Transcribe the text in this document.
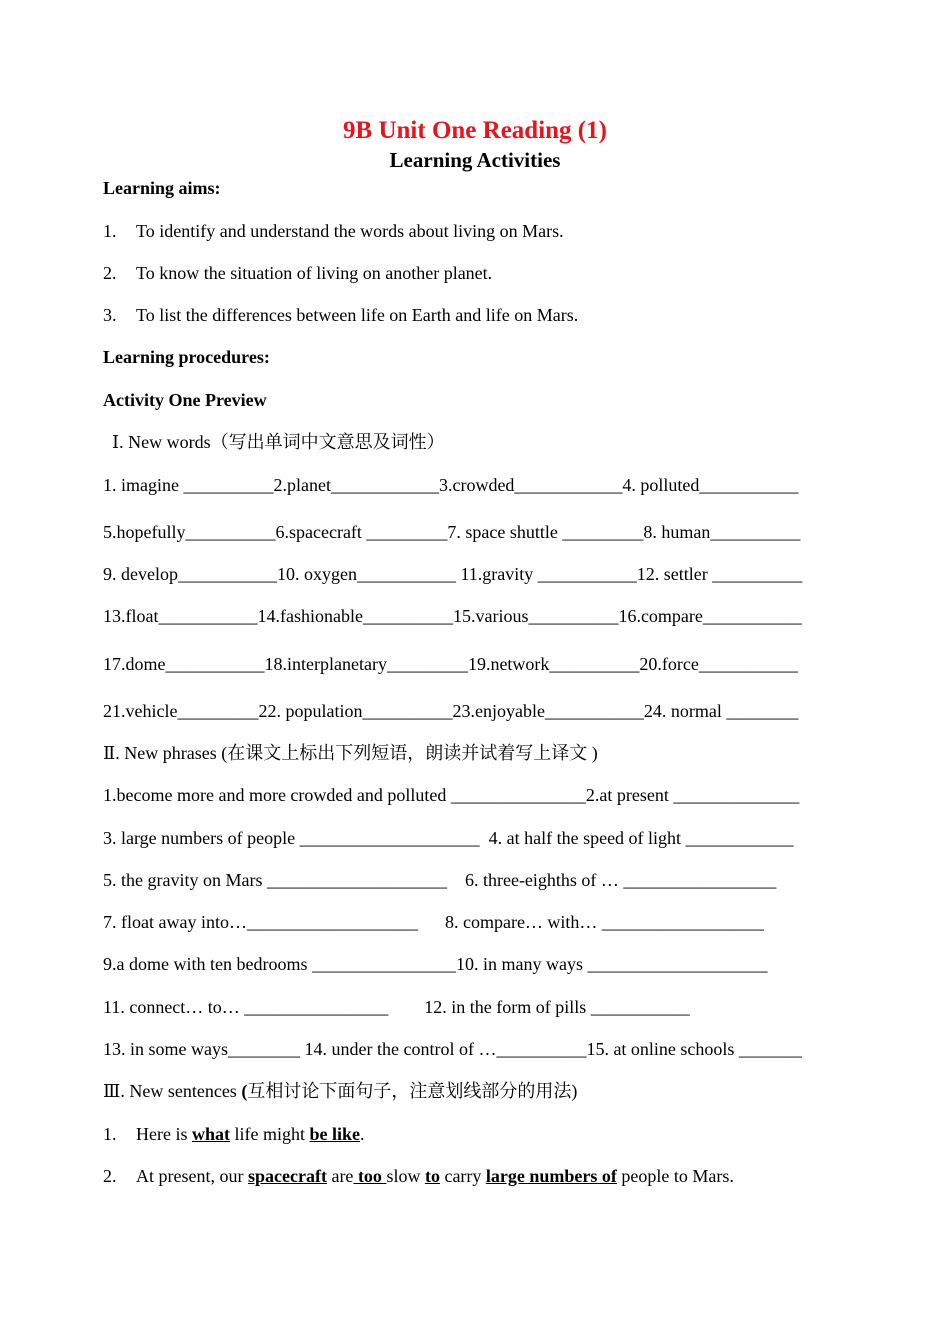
9B Unit One Reading (1)
Learning Activities
Learning aims:
1. To identify and understand the words about living on Mars.
2. To know the situation of living on another planet.
3. To list the differences between life on Earth and life on Mars.
Learning procedures:
Activity One Preview
Ⅰ. New words（写出单词中文意思及词性）
1. imagine __________2.planet____________3.crowded____________4. polluted___________
5.hopefully__________6.spacecraft _________7. space shuttle _________8. human__________
9. develop___________10. oxygen___________ 11.gravity ___________12. settler __________
13.float___________14.fashionable__________15.various__________16.compare___________
17.dome___________18.interplanetary_________19.network__________20.force___________
21.vehicle_________22. population__________23.enjoyable___________24. normal ________
Ⅱ. New phrases (在课文上标出下列短语，朗读并试着写上译文 )
1.become more and more crowded and polluted _______________2.at present ______________
3. large numbers of people ____________________  4. at half the speed of light ____________
5. the gravity on Mars ____________________    6. three-eighths of … _________________
7. float away into…___________________      8. compare… with… __________________
9.a dome with ten bedrooms ________________10. in many ways ____________________
11. connect… to… ________________        12. in the form of pills ___________
13. in some ways________ 14. under the control of …__________15. at online schools _______
Ⅲ. New sentences (互相讨论下面句子，注意划线部分的用法)
1. Here is what life might be like.
2. At present, our spacecraft are too slow to carry large numbers of people to Mars.
